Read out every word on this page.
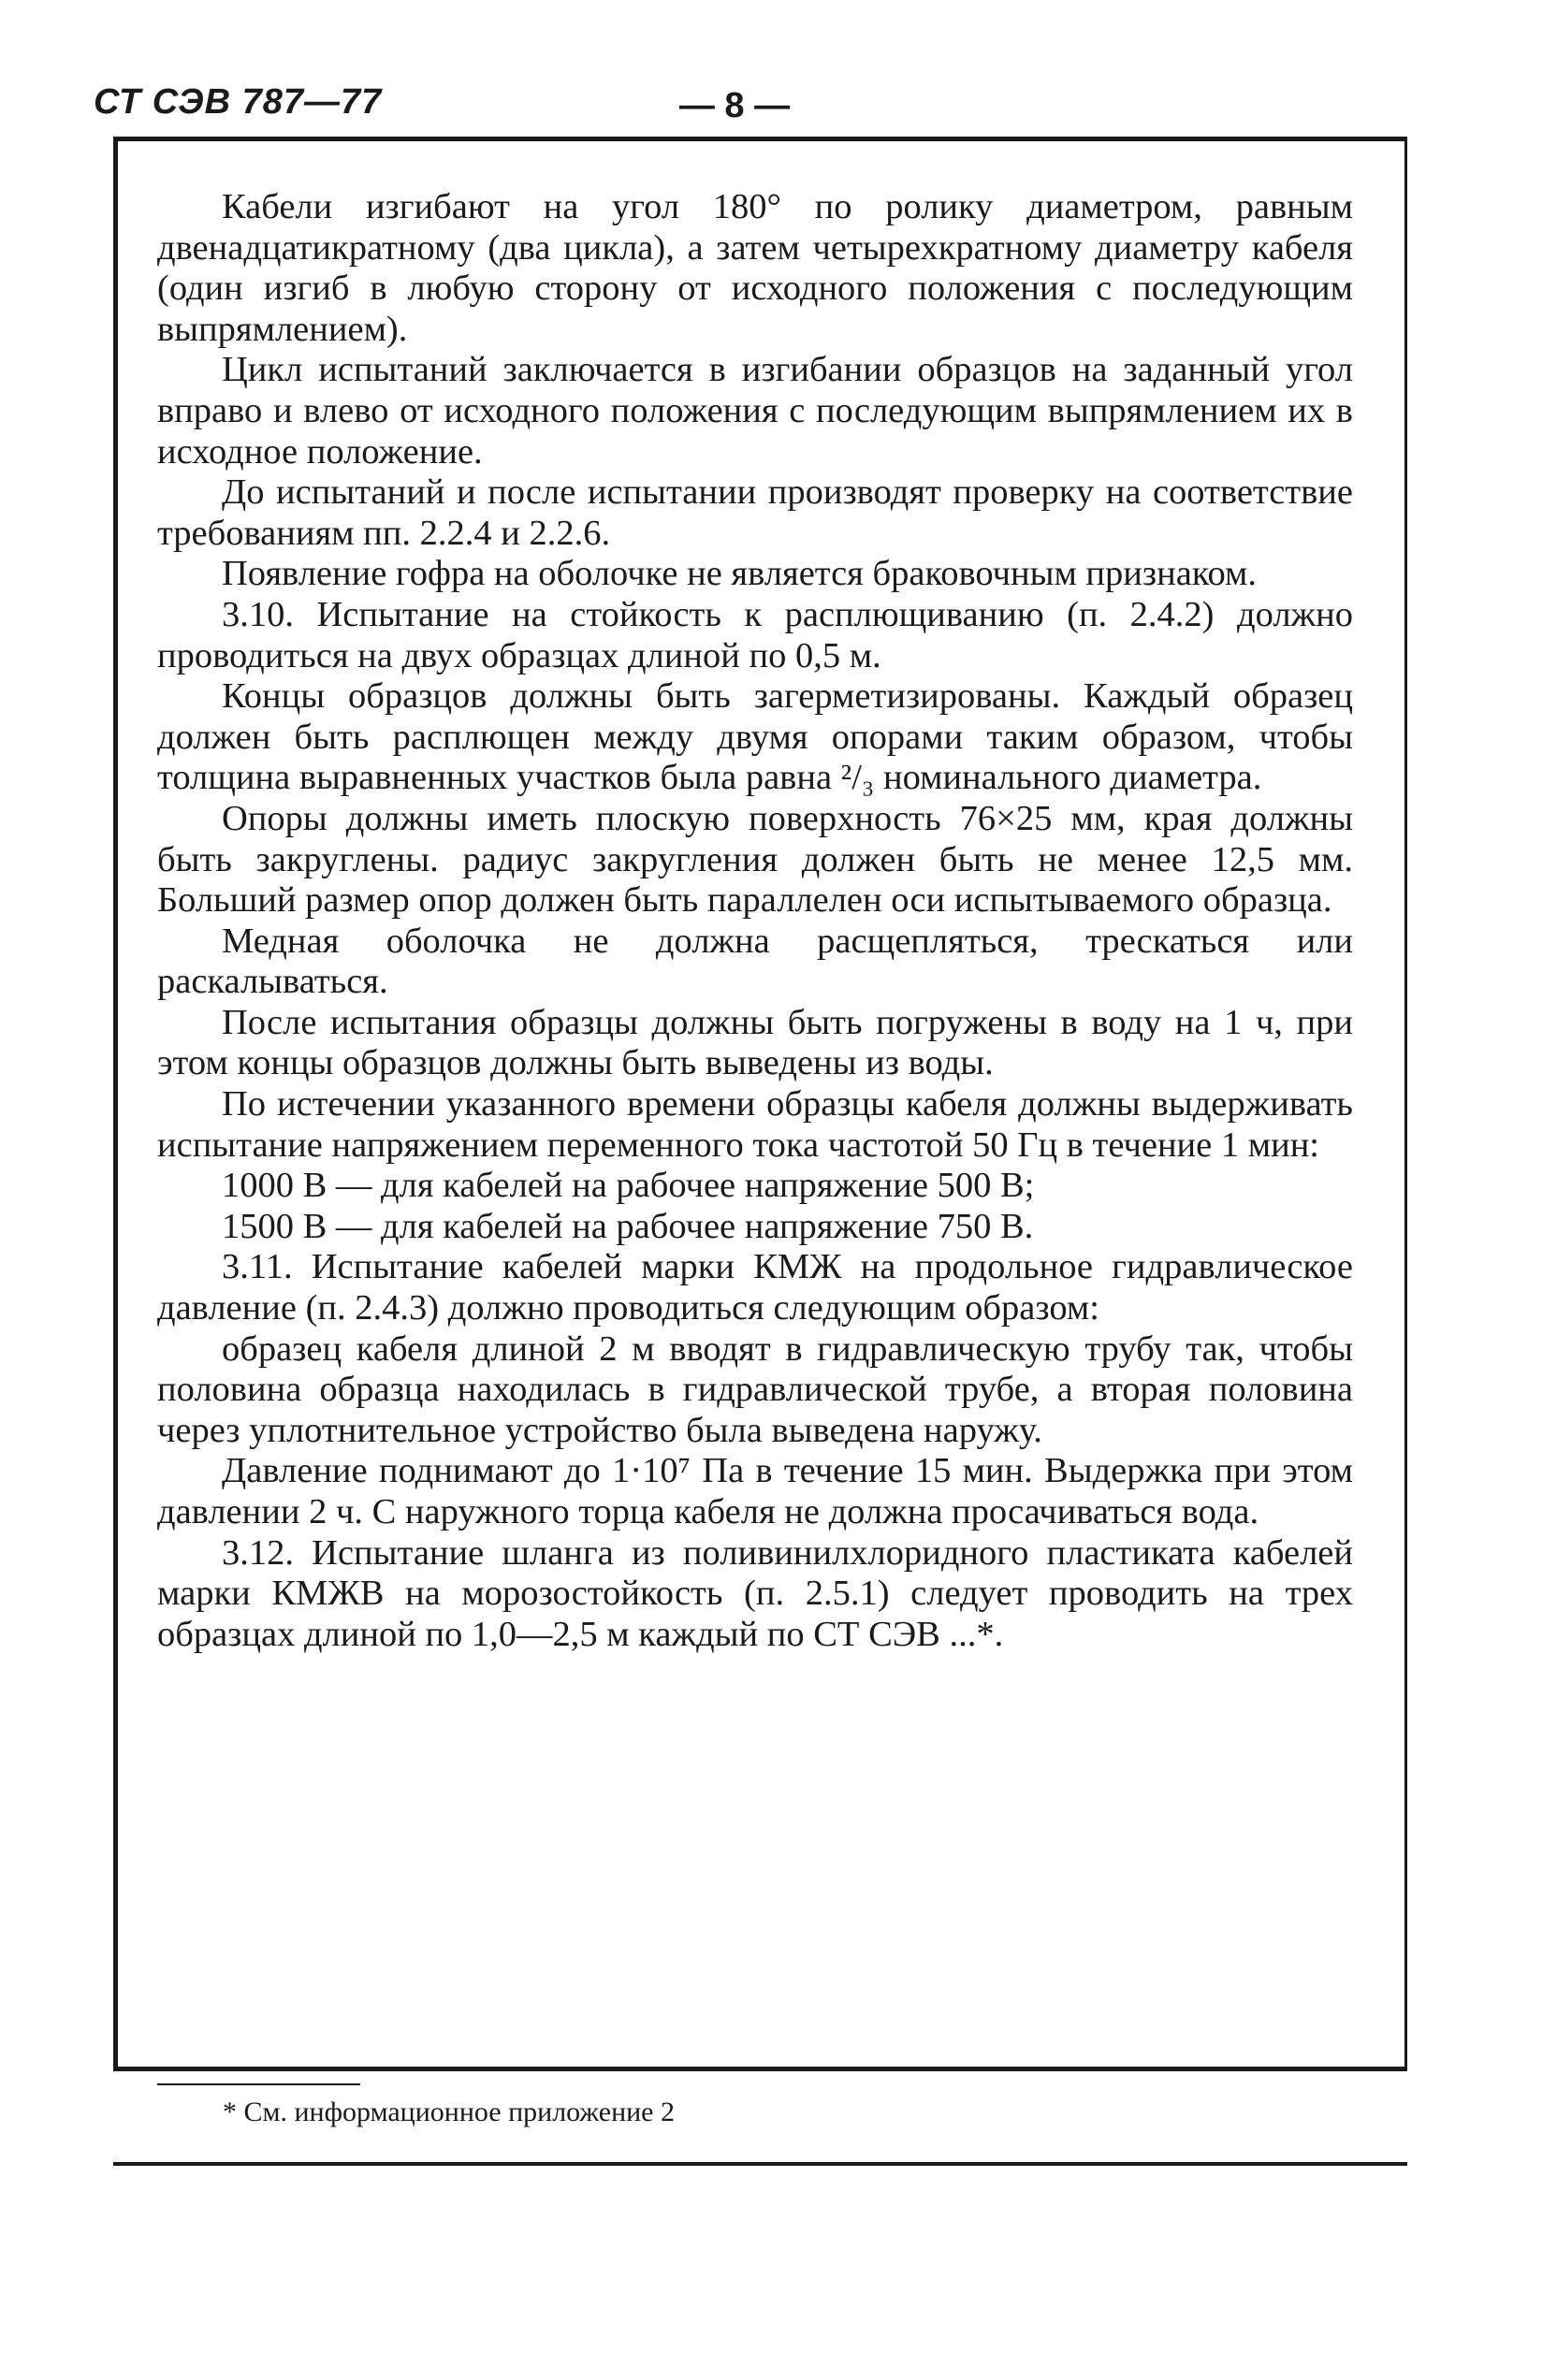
СТ СЭВ 787—77	— 8 —

Кабели изгибают на угол 180° по ролику диаметром, равным двенадцатикратному (два цикла), а затем четырехкратному диаметру кабеля (один изгиб в любую сторону от исходного положения с последующим выпрямлением).

Цикл испытаний заключается в изгибании образцов на заданный угол вправо и влево от исходного положения с последующим выпрямлением их в исходное положение.

До испытаний и после испытании производят проверку на соответствие требованиям пп. 2.2.4 и 2.2.6.

Появление гофра на оболочке не является браковочным признаком.

3.10. Испытание на стойкость к расплющиванию (п. 2.4.2) должно проводиться на двух образцах длиной по 0,5 м.

Концы образцов должны быть загерметизированы. Каждый образец должен быть расплющен между двумя опорами таким образом, чтобы толщина выравненных участков была равна ²/₃ номинального диаметра.

Опоры должны иметь плоскую поверхность 76×25 мм, края должны быть закруглены. радиус закругления должен быть не менее 12,5 мм. Больший размер опор должен быть параллелен оси испытываемого образца.

Медная оболочка не должна расщепляться, трескаться или раскалываться.

После испытания образцы должны быть погружены в воду на 1 ч, при этом концы образцов должны быть выведены из воды.

По истечении указанного времени образцы кабеля должны выдерживать испытание напряжением переменного тока частотой 50 Гц в течение 1 мин:

1000 В — для кабелей на рабочее напряжение 500 В;

1500 В — для кабелей на рабочее напряжение 750 В.

3.11. Испытание кабелей марки КМЖ на продольное гидравлическое давление (п. 2.4.3) должно проводиться следующим образом:

образец кабеля длиной 2 м вводят в гидравлическую трубу так, чтобы половина образца находилась в гидравлической трубе, а вторая половина через уплотнительное устройство была выведена наружу.

Давление поднимают до 1·10⁷ Па в течение 15 мин. Выдержка при этом давлении 2 ч. С наружного торца кабеля не должна просачиваться вода.

3.12. Испытание шланга из поливинилхлоридного пластиката кабелей марки КМЖВ на морозостойкость (п. 2.5.1) следует проводить на трех образцах длиной по 1,0—2,5 м каждый по СТ СЭВ ...*.

* См. информационное приложение 2
